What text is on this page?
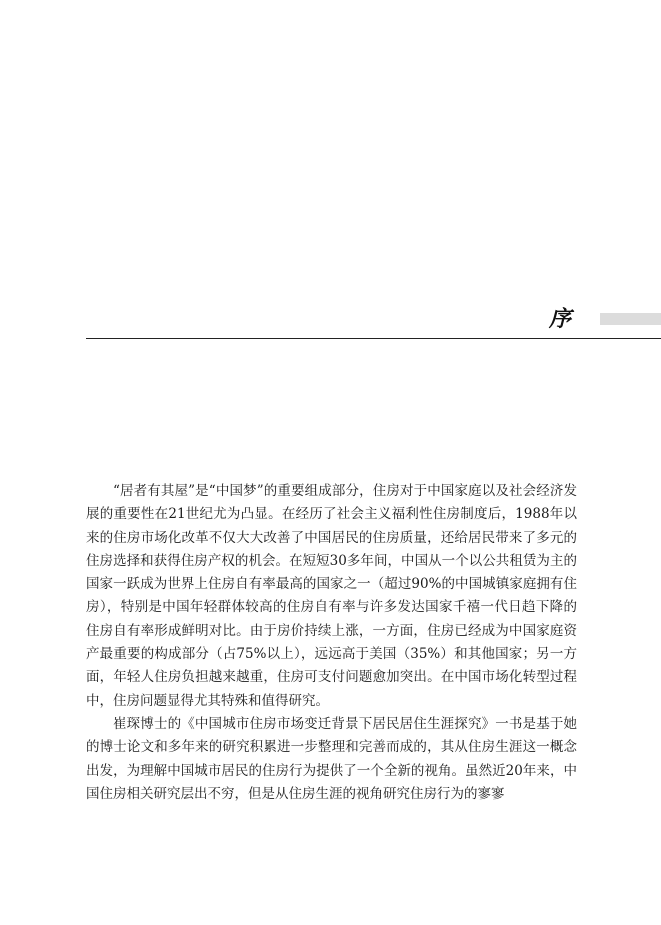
序

“居者有其屋”是“中国梦”的重要组成部分，住房对于中国家庭以及社会经济发展的重要性在21世纪尤为凸显。在经历了社会主义福利性住房制度后，1988年以来的住房市场化改革不仅大大改善了中国居民的住房质量，还给居民带来了多元的住房选择和获得住房产权的机会。在短短30多年间，中国从一个以公共租赁为主的国家一跃成为世界上住房自有率最高的国家之一（超过90%的中国城镇家庭拥有住房），特别是中国年轻群体较高的住房自有率与许多发达国家千禧一代日趋下降的住房自有率形成鲜明对比。由于房价持续上涨，一方面，住房已经成为中国家庭资产最重要的构成部分（占75%以上），远远高于美国（35%）和其他国家；另一方面，年轻人住房负担越来越重，住房可支付问题愈加突出。在中国市场化转型过程中，住房问题显得尤其特殊和值得研究。

崔琛博士的《中国城市住房市场变迁背景下居民居住生涯探究》一书是基于她的博士论文和多年来的研究积累进一步整理和完善而成的，其从住房生涯这一概念出发，为理解中国城市居民的住房行为提供了一个全新的视角。虽然近20年来，中国住房相关研究层出不穷，但是从住房生涯的视角研究住房行为的寥寥
